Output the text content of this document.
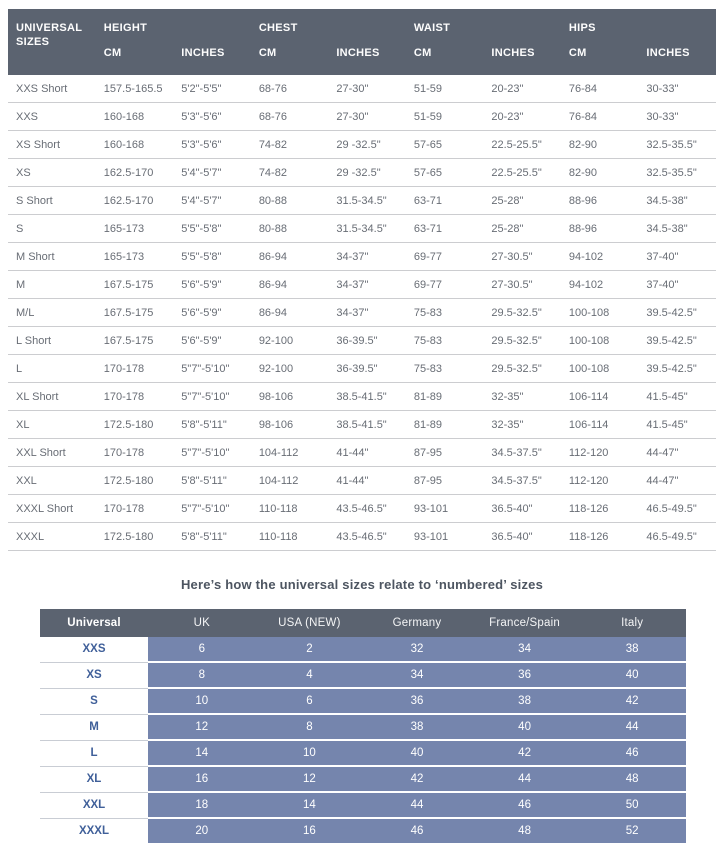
UNIVERSAL SIZES	HEIGHT		CHEST		WAIST		HIPS	
	CM	INCHES	CM	INCHES	CM	INCHES	CM	INCHES
XXS Short	157.5-165.5	5'2"-5'5"	68-76	27-30"	51-59	20-23"	76-84	30-33"
XXS	160-168	5'3"-5'6"	68-76	27-30"	51-59	20-23"	76-84	30-33"
XS Short	160-168	5'3"-5'6"	74-82	29 -32.5"	57-65	22.5-25.5"	82-90	32.5-35.5"
XS	162.5-170	5'4"-5'7"	74-82	29 -32.5"	57-65	22.5-25.5"	82-90	32.5-35.5"
S Short	162.5-170	5'4"-5'7"	80-88	31.5-34.5"	63-71	25-28"	88-96	34.5-38"
S	165-173	5'5"-5'8"	80-88	31.5-34.5"	63-71	25-28"	88-96	34.5-38"
M Short	165-173	5'5"-5'8"	86-94	34-37"	69-77	27-30.5"	94-102	37-40"
M	167.5-175	5'6"-5'9"	86-94	34-37"	69-77	27-30.5"	94-102	37-40"
M/L	167.5-175	5'6"-5'9"	86-94	34-37"	75-83	29.5-32.5"	100-108	39.5-42.5"
L Short	167.5-175	5'6"-5'9"	92-100	36-39.5"	75-83	29.5-32.5"	100-108	39.5-42.5"
L	170-178	5"7"-5'10"	92-100	36-39.5"	75-83	29.5-32.5"	100-108	39.5-42.5"
XL Short	170-178	5"7"-5'10"	98-106	38.5-41.5"	81-89	32-35"	106-114	41.5-45"
XL	172.5-180	5'8"-5'11"	98-106	38.5-41.5"	81-89	32-35"	106-114	41.5-45"
XXL Short	170-178	5"7"-5'10"	104-112	41-44"	87-95	34.5-37.5"	112-120	44-47"
XXL	172.5-180	5'8"-5'11"	104-112	41-44"	87-95	34.5-37.5"	112-120	44-47"
XXXL Short	170-178	5"7"-5'10"	110-118	43.5-46.5"	93-101	36.5-40"	118-126	46.5-49.5"
XXXL	172.5-180	5'8"-5'11"	110-118	43.5-46.5"	93-101	36.5-40"	118-126	46.5-49.5"
Here’s how the universal sizes relate to ‘numbered’ sizes
Universal	UK	USA (NEW)	Germany	France/Spain	Italy
XXS	6	2	32	34	38
XS	8	4	34	36	40
S	10	6	36	38	42
M	12	8	38	40	44
L	14	10	40	42	46
XL	16	12	42	44	48
XXL	18	14	44	46	50
XXXL	20	16	46	48	52
